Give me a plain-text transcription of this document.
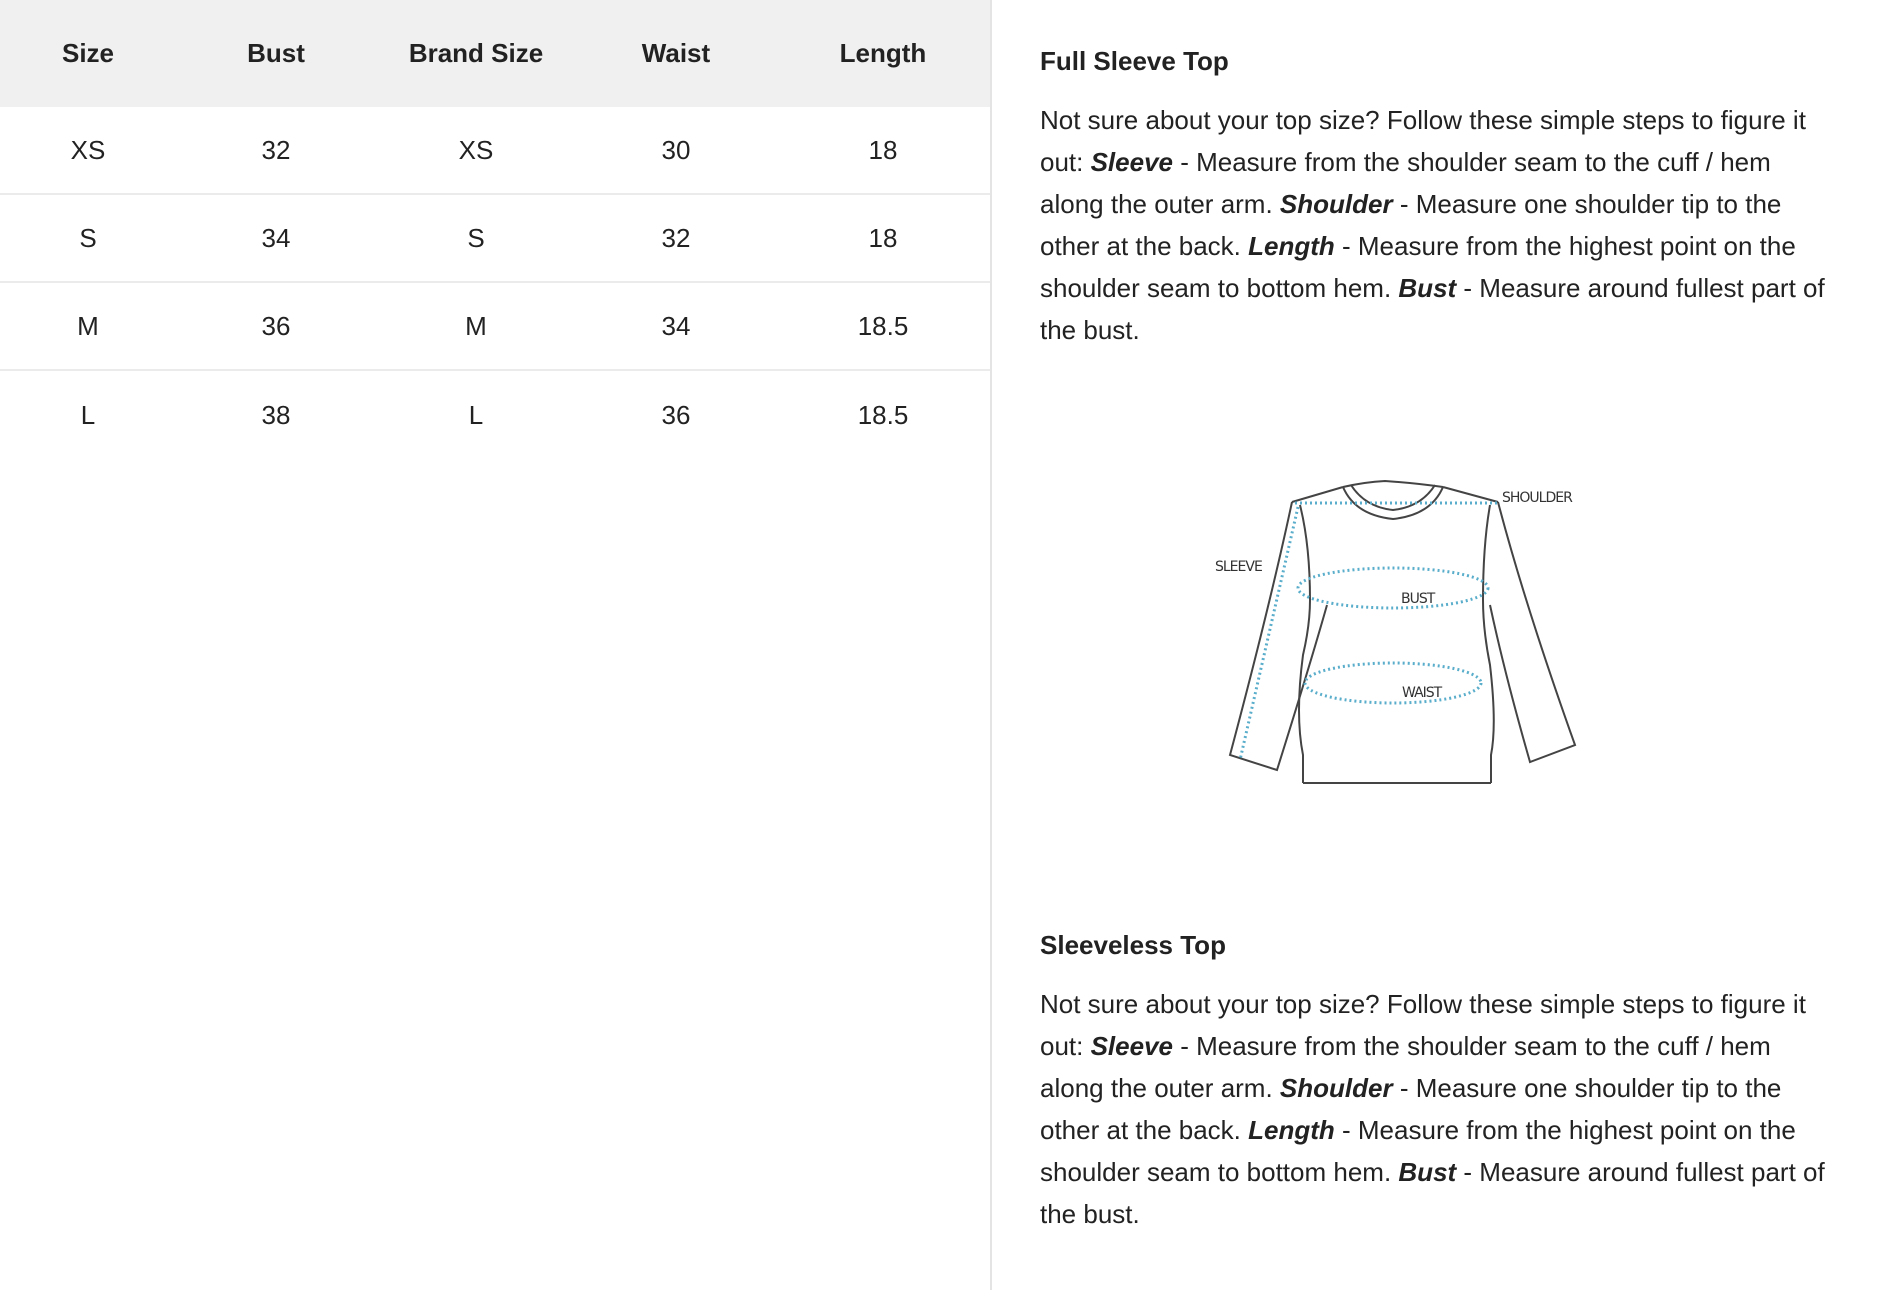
Size	Bust	Brand Size	Waist	Length
XS	32	XS	30	18
S	34	S	32	18
M	36	M	34	18.5
L	38	L	36	18.5
Full Sleeve Top
Not sure about your top size? Follow these simple steps to figure it out: Sleeve - Measure from the shoulder seam to the cuff / hem along the outer arm. Shoulder - Measure one shoulder tip to the other at the back. Length - Measure from the highest point on the shoulder seam to bottom hem. Bust - Measure around fullest part of the bust.
Sleeveless Top
Not sure about your top size? Follow these simple steps to figure it out: Sleeve - Measure from the shoulder seam to the cuff / hem along the outer arm. Shoulder - Measure one shoulder tip to the other at the back. Length - Measure from the highest point on the shoulder seam to bottom hem. Bust - Measure around fullest part of the bust.
SHOULDER
SLEEVE
BUST
WAIST
